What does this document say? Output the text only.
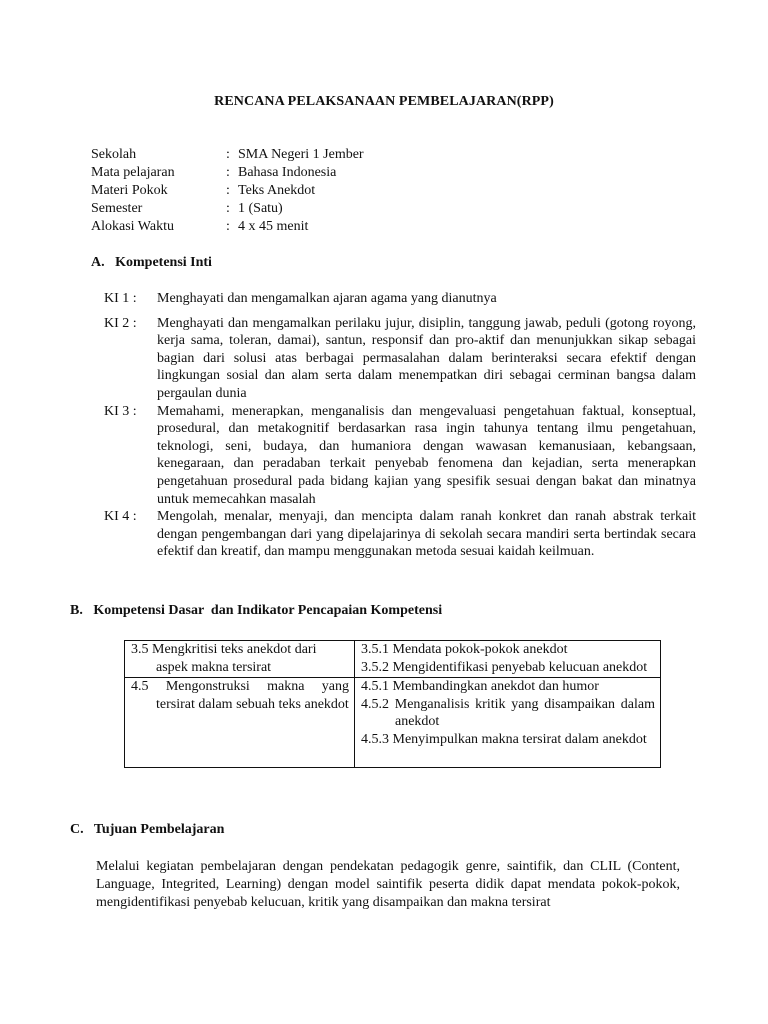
RENCANA PELAKSANAAN PEMBELAJARAN(RPP)
Sekolah	: SMA Negeri 1 Jember
Mata pelajaran	: Bahasa Indonesia
Materi Pokok	: Teks Anekdot
Semester	: 1 (Satu)
Alokasi Waktu	: 4 x 45 menit
A.   Kompetensi Inti
KI 1 :	Menghayati dan mengamalkan ajaran agama yang dianutnya
KI 2 :	Menghayati dan mengamalkan perilaku jujur, disiplin, tanggung jawab, peduli (gotong royong, kerja sama, toleran, damai), santun, responsif dan pro-aktif dan menunjukkan sikap sebagai bagian dari solusi atas berbagai permasalahan dalam berinteraksi secara efektif dengan lingkungan sosial dan alam serta dalam menempatkan diri sebagai cerminan bangsa dalam pergaulan dunia
KI 3 :	Memahami, menerapkan, menganalisis dan mengevaluasi pengetahuan faktual, konseptual, prosedural, dan metakognitif berdasarkan rasa ingin tahunya tentang ilmu pengetahuan, teknologi, seni, budaya, dan humaniora dengan wawasan kemanusiaan, kebangsaan, kenegaraan, dan peradaban terkait penyebab fenomena dan kejadian, serta menerapkan pengetahuan prosedural pada bidang kajian yang spesifik sesuai dengan bakat dan minatnya untuk memecahkan masalah
KI 4 :	Mengolah, menalar, menyaji, dan mencipta dalam ranah konkret dan ranah abstrak terkait dengan pengembangan dari yang dipelajarinya di sekolah secara mandiri serta bertindak secara efektif dan kreatif, dan mampu menggunakan metoda sesuai kaidah keilmuan.
B.   Kompetensi Dasar  dan Indikator Pencapaian Kompetensi
3.5 Mengkritisi teks anekdot dari aspek makna tersirat	3.5.1 Mendata pokok-pokok anekdot
3.5.2 Mengidentifikasi penyebab kelucuan anekdot

4.5 Mengonstruksi makna yang tersirat dalam sebuah teks anekdot	4.5.1 Membandingkan anekdot dan humor
4.5.2 Menganalisis kritik yang disampaikan dalam anekdot
4.5.3 Menyimpulkan makna tersirat dalam anekdot
C.   Tujuan Pembelajaran
Melalui kegiatan pembelajaran dengan pendekatan pedagogik genre, saintifik, dan CLIL (Content, Language, Integrited, Learning) dengan model saintifik peserta didik dapat mendata pokok-pokok, mengidentifikasi penyebab kelucuan, kritik yang disampaikan dan makna tersirat
